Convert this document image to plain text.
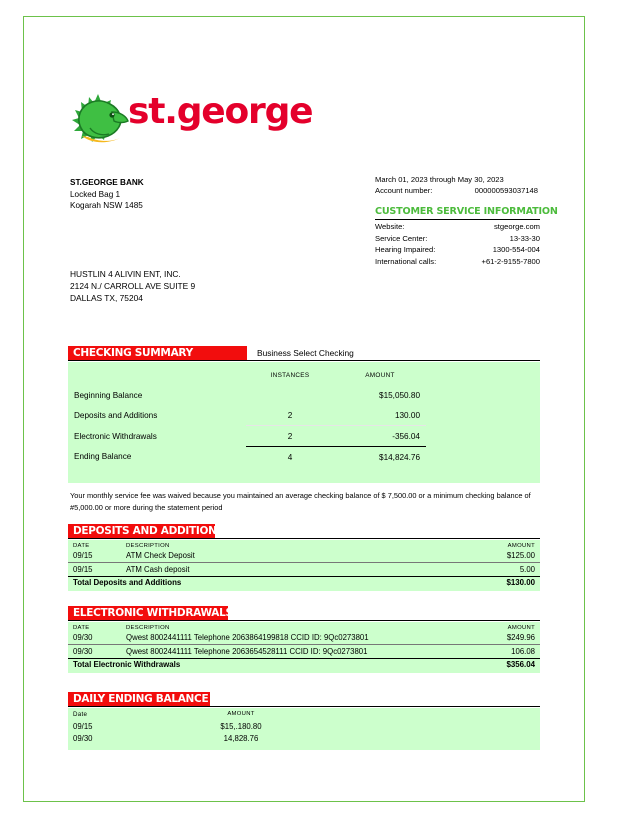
st.george
ST.GEORGE BANK
Locked Bag 1
Kogarah NSW 1485
HUSTLIN 4 ALIVIN ENT, INC.
2124 N./ CARROLL AVE SUITE 9
DALLAS TX, 75204
March 01, 2023 through May 30, 2023
Account number:	000000593037148
CUSTOMER SERVICE INFORMATION
Website:	stgeorge.com
Service Center:	13-33-30
Hearing Impaired:	1300-554-004
International calls:	+61-2-9155-7800
CHECKING SUMMARY	Business Select Checking
	INSTANCES	AMOUNT	
Beginning Balance		$15,050.80	
Deposits and Additions	2	130.00	
Electronic Withdrawals	2	-356.04	
Ending Balance	4	$14,824.76	
Your monthly service fee was waived because you maintained an average checking balance of $ 7,500.00 or a minimum checking balance of #5,000.00 or more during the statement period
DEPOSITS AND ADDITIONS
DATE	DESCRIPTION	AMOUNT
09/15	ATM Check Deposit	$125.00
09/15	ATM Cash deposit	5.00
Total Deposits and Additions		$130.00
ELECTRONIC WITHDRAWALS
DATE	DESCRIPTION	AMOUNT
09/30	Qwest 8002441111 Telephone 2063864199818 CCID ID: 9Qc0273801	$249.96
09/30	Qwest 8002441111 Telephone 2063654528111 CCID ID: 9Qc0273801	106.08
Total Electronic Withdrawals		$356.04
DAILY ENDING BALANCE
Date	AMOUNT	
09/15	$15,.180.80	
09/30	14,828.76	
